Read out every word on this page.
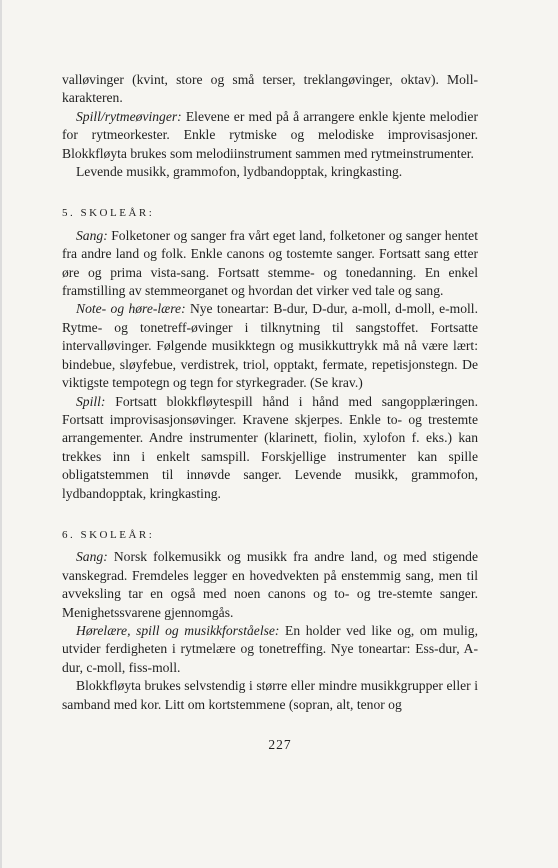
valløvinger (kvint, store og små terser, treklangøvinger, oktav). Moll-karakteren.

Spill/rytmeøvinger: Elevene er med på å arrangere enkle kjente melodier for rytmeorkester. Enkle rytmiske og melodiske improvisasjoner. Blokkfløyta brukes som melodiinstrument sammen med rytmeinstrumenter.

Levende musikk, grammofon, lydbandopptak, kringkasting.

5. SKOLEÅR:

Sang: Folketoner og sanger fra vårt eget land, folketoner og sanger hentet fra andre land og folk. Enkle canons og tostemte sanger. Fortsatt sang etter øre og prima vista-sang. Fortsatt stemme- og tonedanning. En enkel framstilling av stemmeorganet og hvordan det virker ved tale og sang.

Note- og høre-lære: Nye toneartar: B-dur, D-dur, a-moll, d-moll, e-moll. Rytme- og tonetreff-øvinger i tilknytning til sangstoffet. Fortsatte intervalløvinger. Følgende musikktegn og musikkuttrykk må nå være lært: bindebue, sløyfebue, verdistrek, triol, opptakt, fermate, repetisjonstegn. De viktigste tempotegn og tegn for styrkegrader. (Se krav.)

Spill: Fortsatt blokkfløytespill hånd i hånd med sangopplæringen. Fortsatt improvisasjonsøvinger. Kravene skjerpes. Enkle to- og trestemte arrangementer. Andre instrumenter (klarinett, fiolin, xylofon f. eks.) kan trekkes inn i enkelt samspill. Forskjellige instrumenter kan spille obligatstemmen til innøvde sanger. Levende musikk, grammofon, lydbandopptak, kringkasting.

6. SKOLEÅR:

Sang: Norsk folkemusikk og musikk fra andre land, og med stigende vanskegrad. Fremdeles legger en hovedvekten på enstemmig sang, men til avveksling tar en også med noen canons og to- og tre-stemte sanger. Menighetssvarene gjennomgås.

Hørelære, spill og musikkforståelse: En holder ved like og, om mulig, utvider ferdigheten i rytmelære og tonetreffing. Nye toneartar: Ess-dur, A-dur, c-moll, fiss-moll.

Blokkfløyta brukes selvstendig i større eller mindre musikkgrupper eller i samband med kor. Litt om kortstemmene (sopran, alt, tenor og

227
